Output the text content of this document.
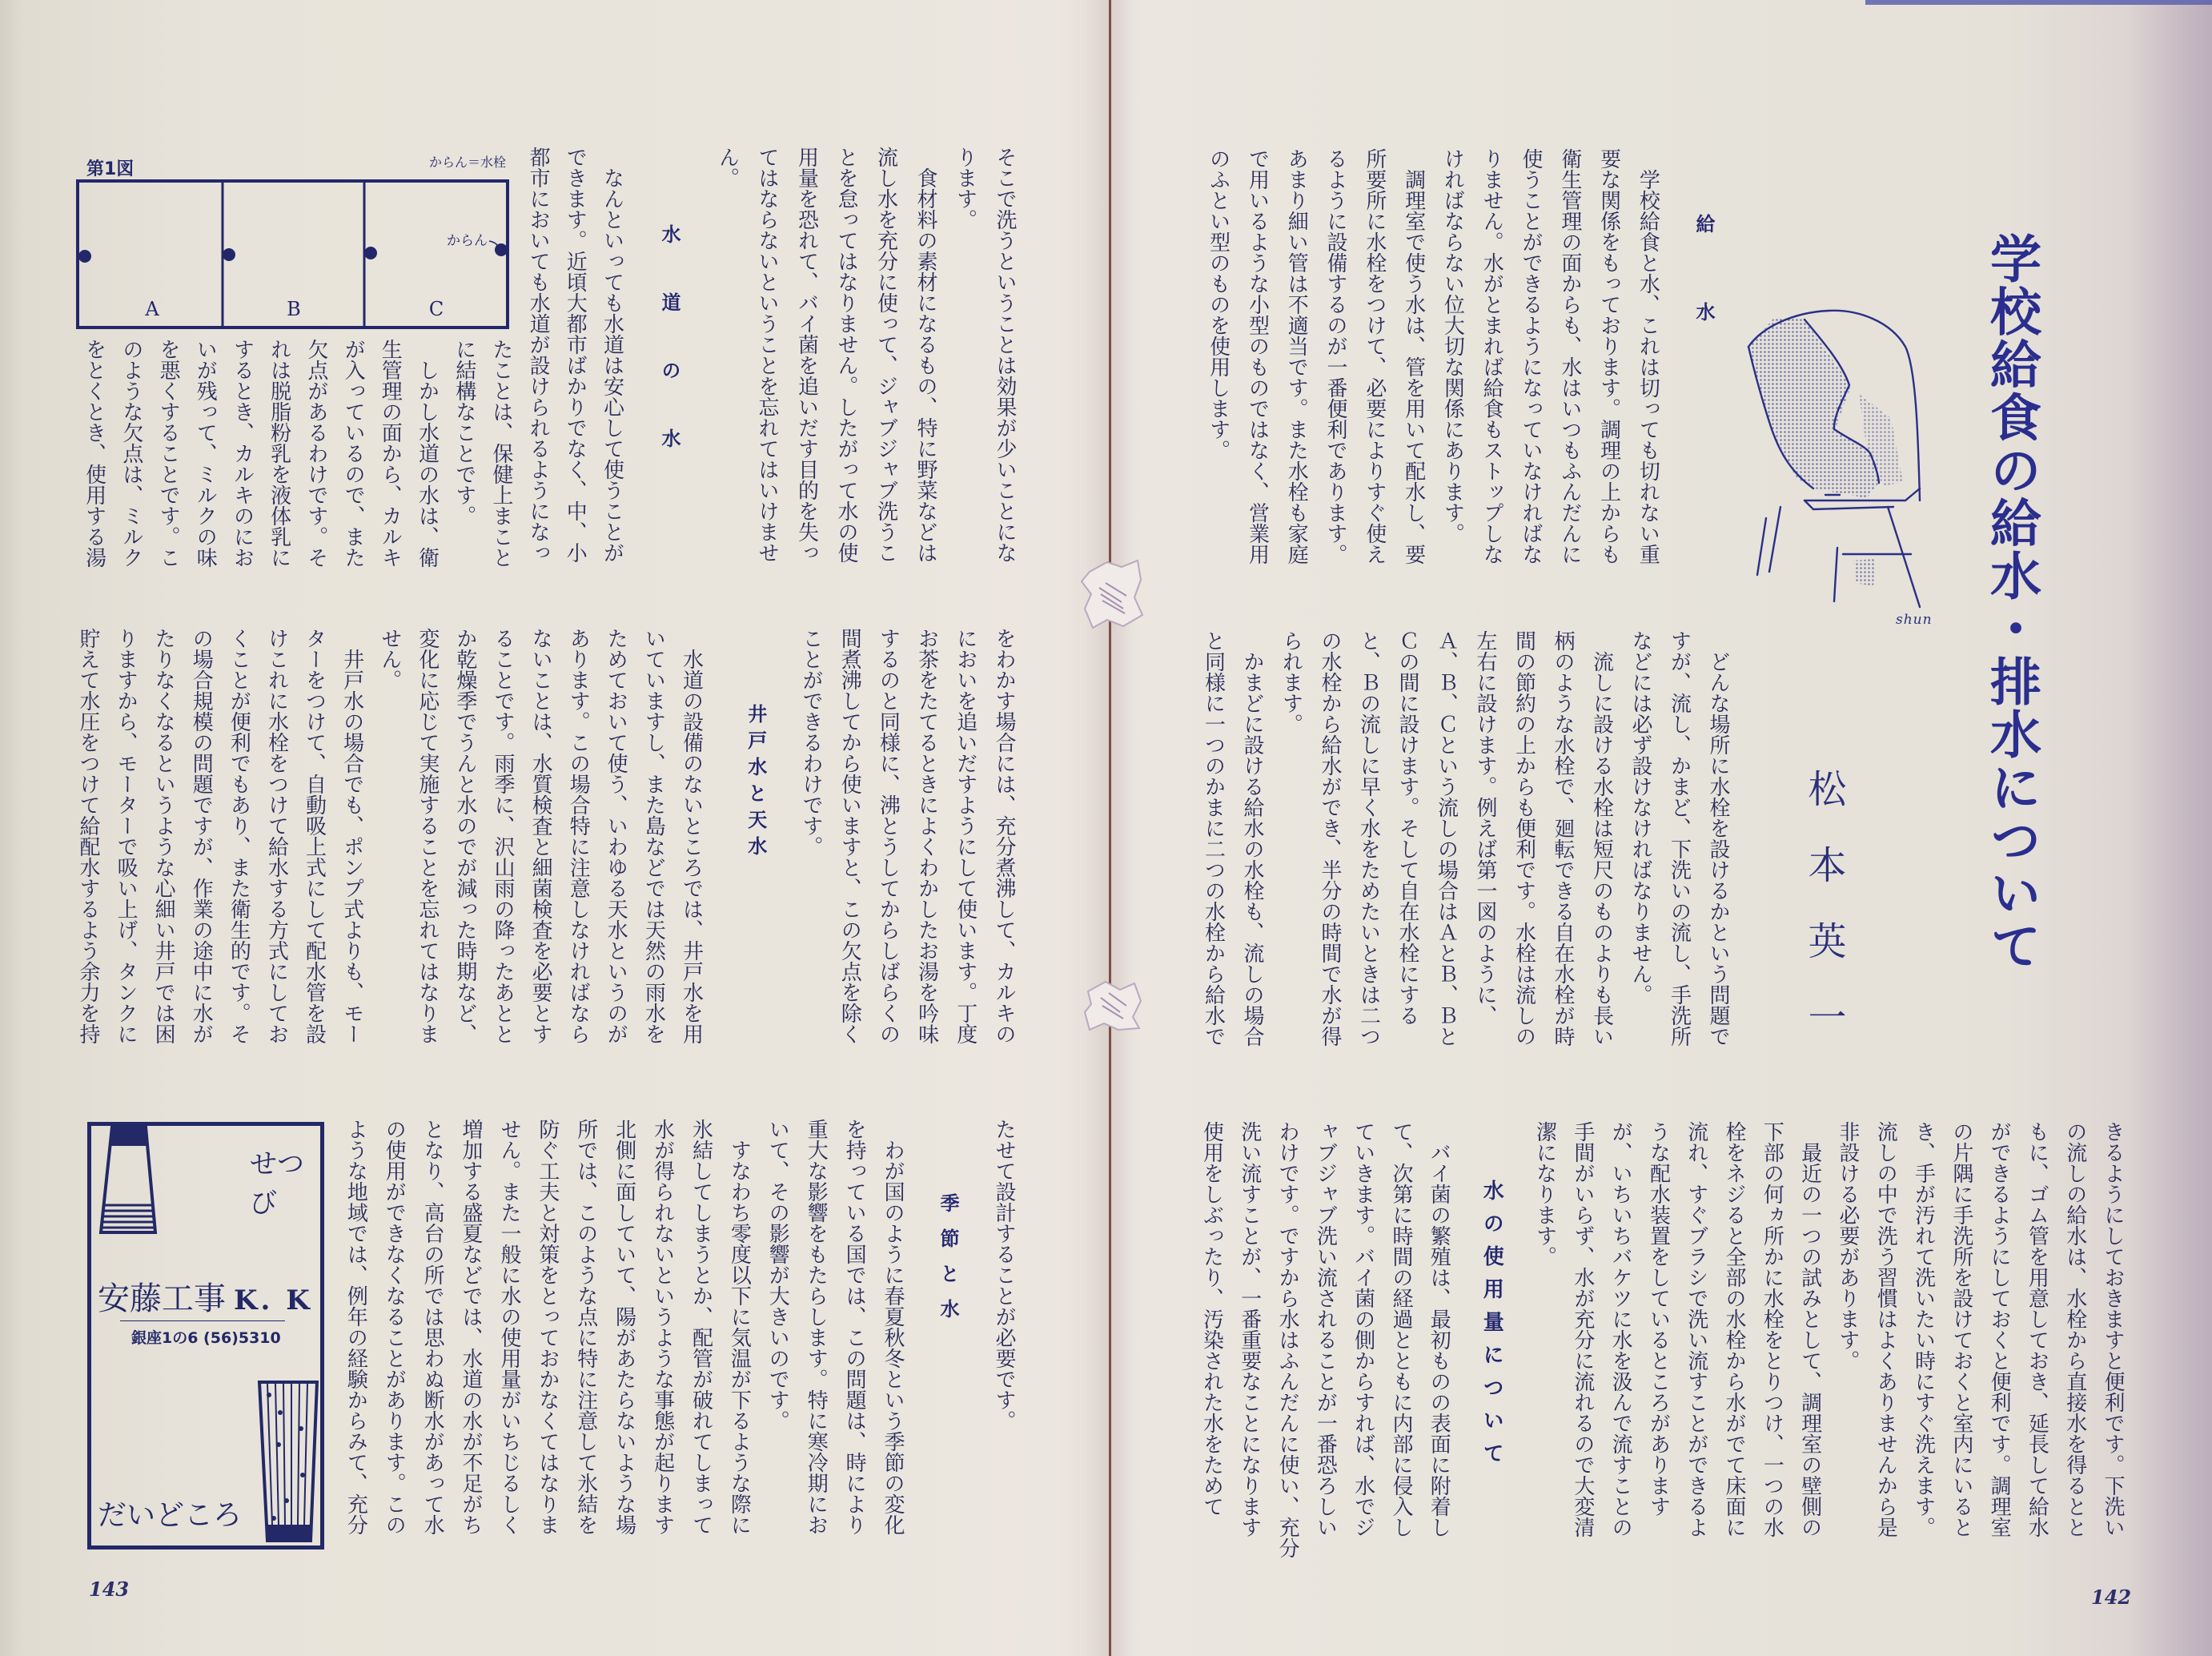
学校給食の給水・排水について
松本英一
shun
給水
　学校給食と水、これは切っても切れない重
要な関係をもっております。調理の上からも
衛生管理の面からも、水はいつもふんだんに
使うことができるようになっていなければな
りません。水がとまれば給食もストップしな
ければならない位大切な関係にあります。
　調理室で使う水は、管を用いて配水し、要
所要所に水栓をつけて、必要によりすぐ使え
るように設備するのが一番便利であります。
あまり細い管は不適当です。また水栓も家庭
で用いるような小型のものではなく、営業用
のふとい型のものを使用します。
　どんな場所に水栓を設けるかという問題で
すが、流し、かまど、下洗いの流し、手洗所
などには必ず設けなければなりません。
　流しに設ける水栓は短尺のものよりも長い
柄のような水栓で、廻転できる自在水栓が時
間の節約の上からも便利です。水栓は流しの
左右に設けます。例えば第一図のように、
Ａ、Ｂ、Ｃという流しの場合はＡとＢ、Ｂと
Ｃの間に設けます。そして自在水栓にする
と、Ｂの流しに早く水をためたいときは二つ
の水栓から給水ができ、半分の時間で水が得
られます。
　かまどに設ける給水の水栓も、流しの場合
と同様に一つのかまに二つの水栓から給水で
きるようにしておきますと便利です。下洗い
の流しの給水は、水栓から直接水を得るとと
もに、ゴム管を用意しておき、延長して給水
ができるようにしておくと便利です。調理室
の片隅に手洗所を設けておくと室内にいると
き、手が汚れて洗いたい時にすぐ洗えます。
流しの中で洗う習慣はよくありませんから是
非設ける必要があります。
　最近の一つの試みとして、調理室の壁側の
下部の何ヵ所かに水栓をとりつけ、一つの水
栓をネジると全部の水栓から水がでて床面に
流れ、すぐブラシで洗い流すことができるよ
うな配水装置をしているところがあります
が、いちいちバケツに水を汲んで流すことの
手間がいらず、水が充分に流れるので大変清
潔になります。
水の使用量について
　バイ菌の繁殖は、最初ものの表面に附着し
て、次第に時間の経過とともに内部に侵入し
ていきます。バイ菌の側からすれば、水でジ
ャブジャブ洗い流されることが一番恐ろしい
わけです。ですから水はふんだんに使い、充分
洗い流すことが、一番重要なことになります
使用をしぶったり、汚染された水をためて
142
第1図	からん＝水栓
からん
A	B	C	そこで洗うということは効果が少いことにな
ります。
　食材料の素材になるもの、特に野菜などは
流し水を充分に使って、ジャブジャブ洗うこ
とを怠ってはなりません。したがって水の使
用量を恐れて、バイ菌を追いだす目的を失っ
てはならないということを忘れてはいけませ
ん。
水道の水
　なんといっても水道は安心して使うことが
できます。近頃大都市ばかりでなく、中、小
都市においても水道が設けられるようになっ
たことは、保健上まこと
に結構なことです。
　しかし水道の水は、衛
生管理の面から、カルキ
が入っているので、また
欠点があるわけです。そ
れは脱脂粉乳を液体乳に
するとき、カルキのにお
いが残って、ミルクの味
を悪くすることです。こ
のような欠点は、ミルク
をとくとき、使用する湯
をわかす場合には、充分煮沸して、カルキの
においを追いだすようにして使います。丁度
お茶をたてるときによくわかしたお湯を吟味
するのと同様に、沸とうしてからしばらくの
間煮沸してから使いますと、この欠点を除く
ことができるわけです。
井戸水と天水
　水道の設備のないところでは、井戸水を用
いていますし、また島などでは天然の雨水を
ためておいて使う、いわゆる天水というのが
あります。この場合特に注意しなければなら
ないことは、水質検査と細菌検査を必要とす
ることです。雨季に、沢山雨の降ったあとと
か乾燥季でうんと水のでが減った時期など、
変化に応じて実施することを忘れてはなりま
せん。
　井戸水の場合でも、ポンプ式よりも、モー
ターをつけて、自動吸上式にして配水管を設
けこれに水栓をつけて給水する方式にしてお
くことが便利でもあり、また衛生的です。そ
の場合規模の問題ですが、作業の途中に水が
たりなくなるというような心細い井戸では困
りますから、モーターで吸い上げ、タンクに
貯えて水圧をつけて給配水するよう余力を持
たせて設計することが必要です。
季節と水
　わが国のように春夏秋冬という季節の変化
を持っている国では、この問題は、時により
重大な影響をもたらします。特に寒冷期にお
いて、その影響が大きいのです。
　すなわち零度以下に気温が下るような際に
氷結してしまうとか、配管が破れてしまって
水が得られないというような事態が起ります
北側に面していて、陽があたらないような場
所では、このような点に特に注意して氷結を
防ぐ工夫と対策をとっておかなくてはなりま
せん。また一般に水の使用量がいちじるしく
増加する盛夏などでは、水道の水が不足がち
となり、高台の所では思わぬ断水があって水
の使用ができなくなることがあります。この
ような地域では、例年の経験からみて、充分
せつび
安藤工事 K. K
銀座1の6 (56)5310
だいどころ
143
